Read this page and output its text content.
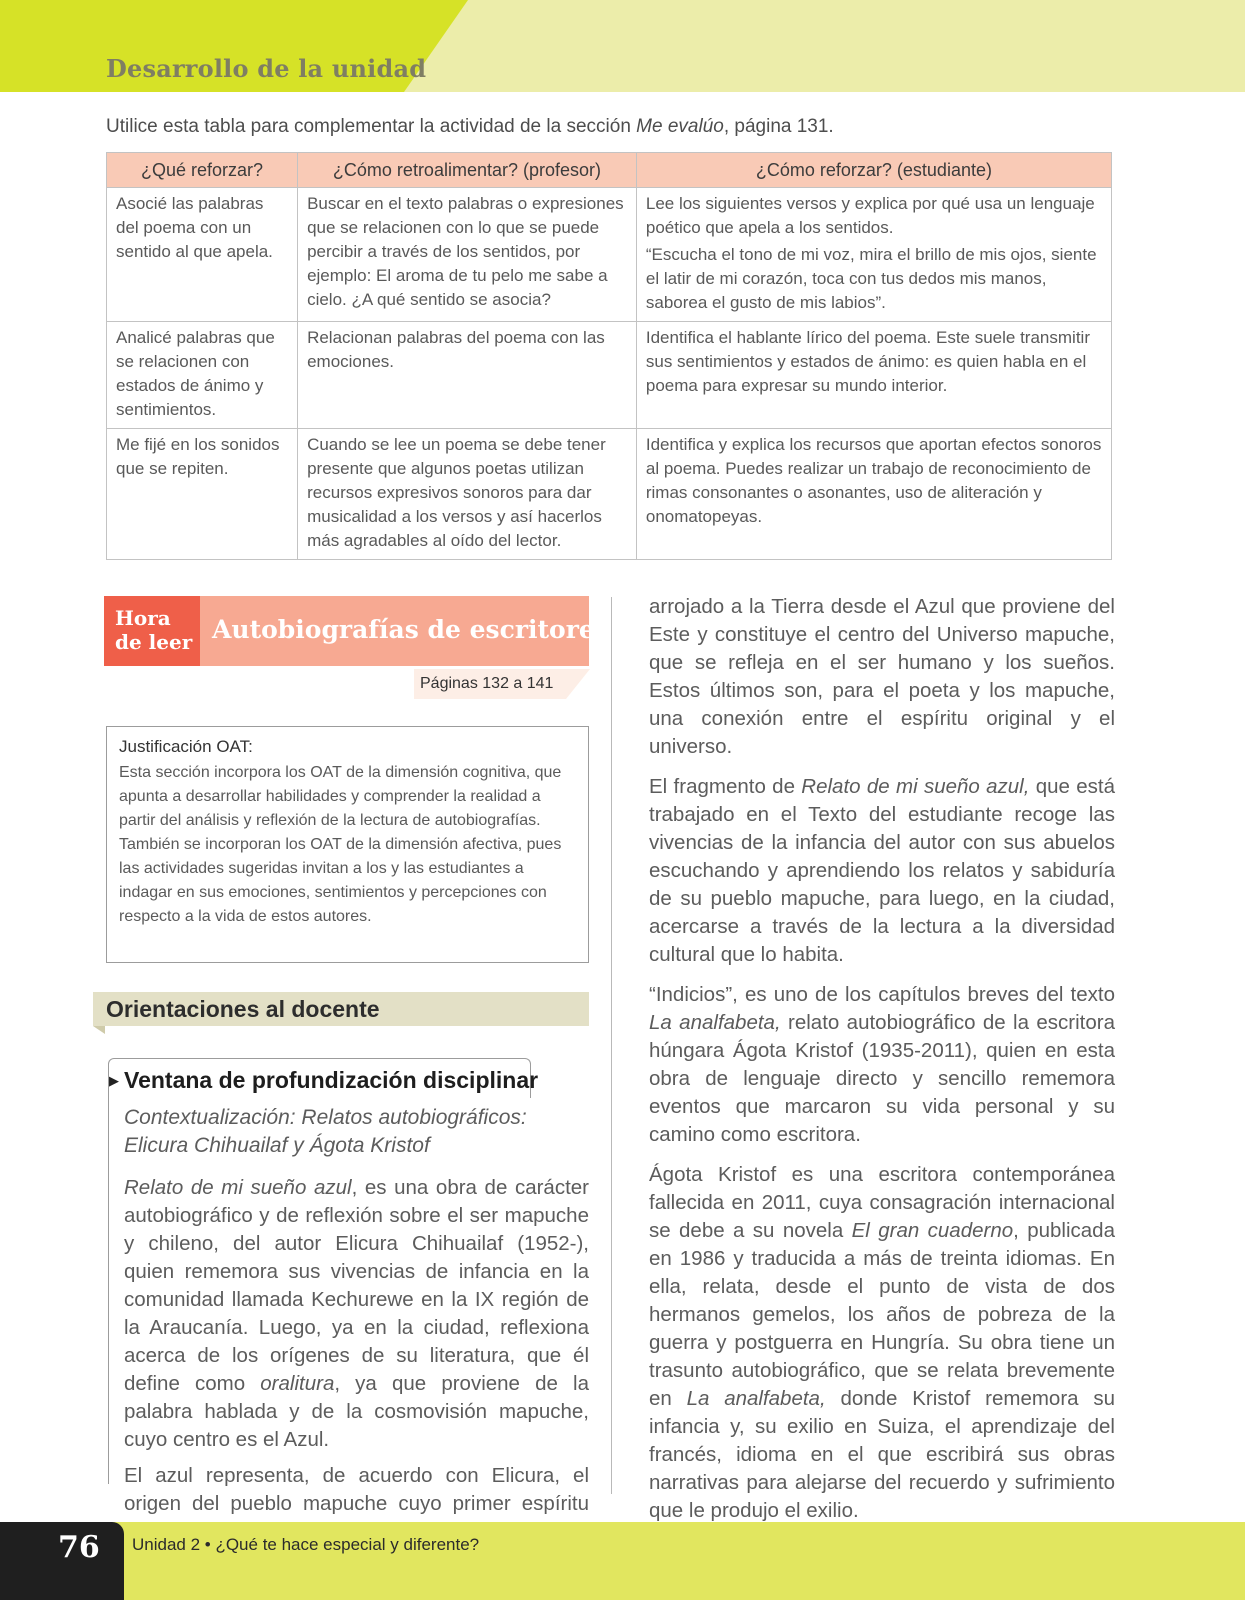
Desarrollo de la unidad

Utilice esta tabla para complementar la actividad de la sección Me evalúo, página 131.

¿Qué reforzar?	¿Cómo retroalimentar? (profesor)	¿Cómo reforzar? (estudiante)
Asocié las palabras del poema con un sentido al que apela.	Buscar en el texto palabras o expresiones que se relacionen con lo que se puede percibir a través de los sentidos, por ejemplo: El aroma de tu pelo me sabe a cielo. ¿A qué sentido se asocia?	Lee los siguientes versos y explica por qué usa un lenguaje poético que apela a los sentidos.
“Escucha el tono de mi voz, mira el brillo de mis ojos, siente el latir de mi corazón, toca con tus dedos mis manos, saborea el gusto de mis labios”.

Analicé palabras que se relacionen con estados de ánimo y sentimientos.	Relacionan palabras del poema con las emociones.	Identifica el hablante lírico del poema. Este suele transmitir sus sentimientos y estados de ánimo: es quien habla en el poema para expresar su mundo interior.
Me fijé en los sonidos que se repiten.	Cuando se lee un poema se debe tener presente que algunos poetas utilizan recursos expresivos sonoros para dar musicalidad a los versos y así hacerlos más agradables al oído del lector.	Identifica y explica los recursos que aportan efectos sonoros al poema. Puedes realizar un trabajo de reconocimiento de rimas consonantes o asonantes, uso de aliteración y onomatopeyas.
Hora
de leer Autobiografías de escritores
Páginas 132 a 141

Justificación OAT:

Esta sección incorpora los OAT de la dimensión cognitiva, que apunta a desarrollar habilidades y comprender la realidad a partir del análisis y reflexión de la lectura de autobiografías. También se incorporan los OAT de la dimensión afectiva, pues las actividades sugeridas invitan a los y las estudiantes a indagar en sus emociones, sentimientos y percepciones con respecto a la vida de estos autores.

Orientaciones al docente
▶ Ventana de profundización disciplinar

Contextualización: Relatos autobiográficos:
Elicura Chihuailaf y Ágota Kristof

Relato de mi sueño azul, es una obra de carácter autobiográfico y de reflexión sobre el ser mapuche y chileno, del autor Elicura Chihuailaf (1952-), quien rememora sus vivencias de infancia en la comunidad llamada Kechurewe en la IX región de la Araucanía. Luego, ya en la ciudad, reflexiona acerca de los orígenes de su literatura, que él define como oralitura, ya que proviene de la palabra hablada y de la cosmovisión mapuche, cuyo centro es el Azul.

El azul representa, de acuerdo con Elicura, el origen del pueblo mapuche cuyo primer espíritu

arrojado a la Tierra desde el Azul que proviene del Este y constituye el centro del Universo mapuche, que se refleja en el ser humano y los sueños. Estos últimos son, para el poeta y los mapuche, una conexión entre el espíritu original y el universo.

El fragmento de Relato de mi sueño azul, que está trabajado en el Texto del estudiante recoge las vivencias de la infancia del autor con sus abuelos escuchando y aprendiendo los relatos y sabiduría de su pueblo mapuche, para luego, en la ciudad, acercarse a través de la lectura a la diversidad cultural que lo habita.

“Indicios”, es uno de los capítulos breves del texto La analfabeta, relato autobiográfico de la escritora húngara Ágota Kristof (1935-2011), quien en esta obra de lenguaje directo y sencillo rememora eventos que marcaron su vida personal y su camino como escritora.

Ágota Kristof es una escritora contemporánea fallecida en 2011, cuya consagración internacional se debe a su novela El gran cuaderno, publicada en 1986 y traducida a más de treinta idiomas. En ella, relata, desde el punto de vista de dos hermanos gemelos, los años de pobreza de la guerra y postguerra en Hungría. Su obra tiene un trasunto autobiográfico, que se relata brevemente en La analfabeta, donde Kristof rememora su infancia y, su exilio en Suiza, el aprendizaje del francés, idioma en el que escribirá sus obras narrativas para alejarse del recuerdo y sufrimiento que le produjo el exilio.

76 Unidad 2 • ¿Qué te hace especial y diferente?
